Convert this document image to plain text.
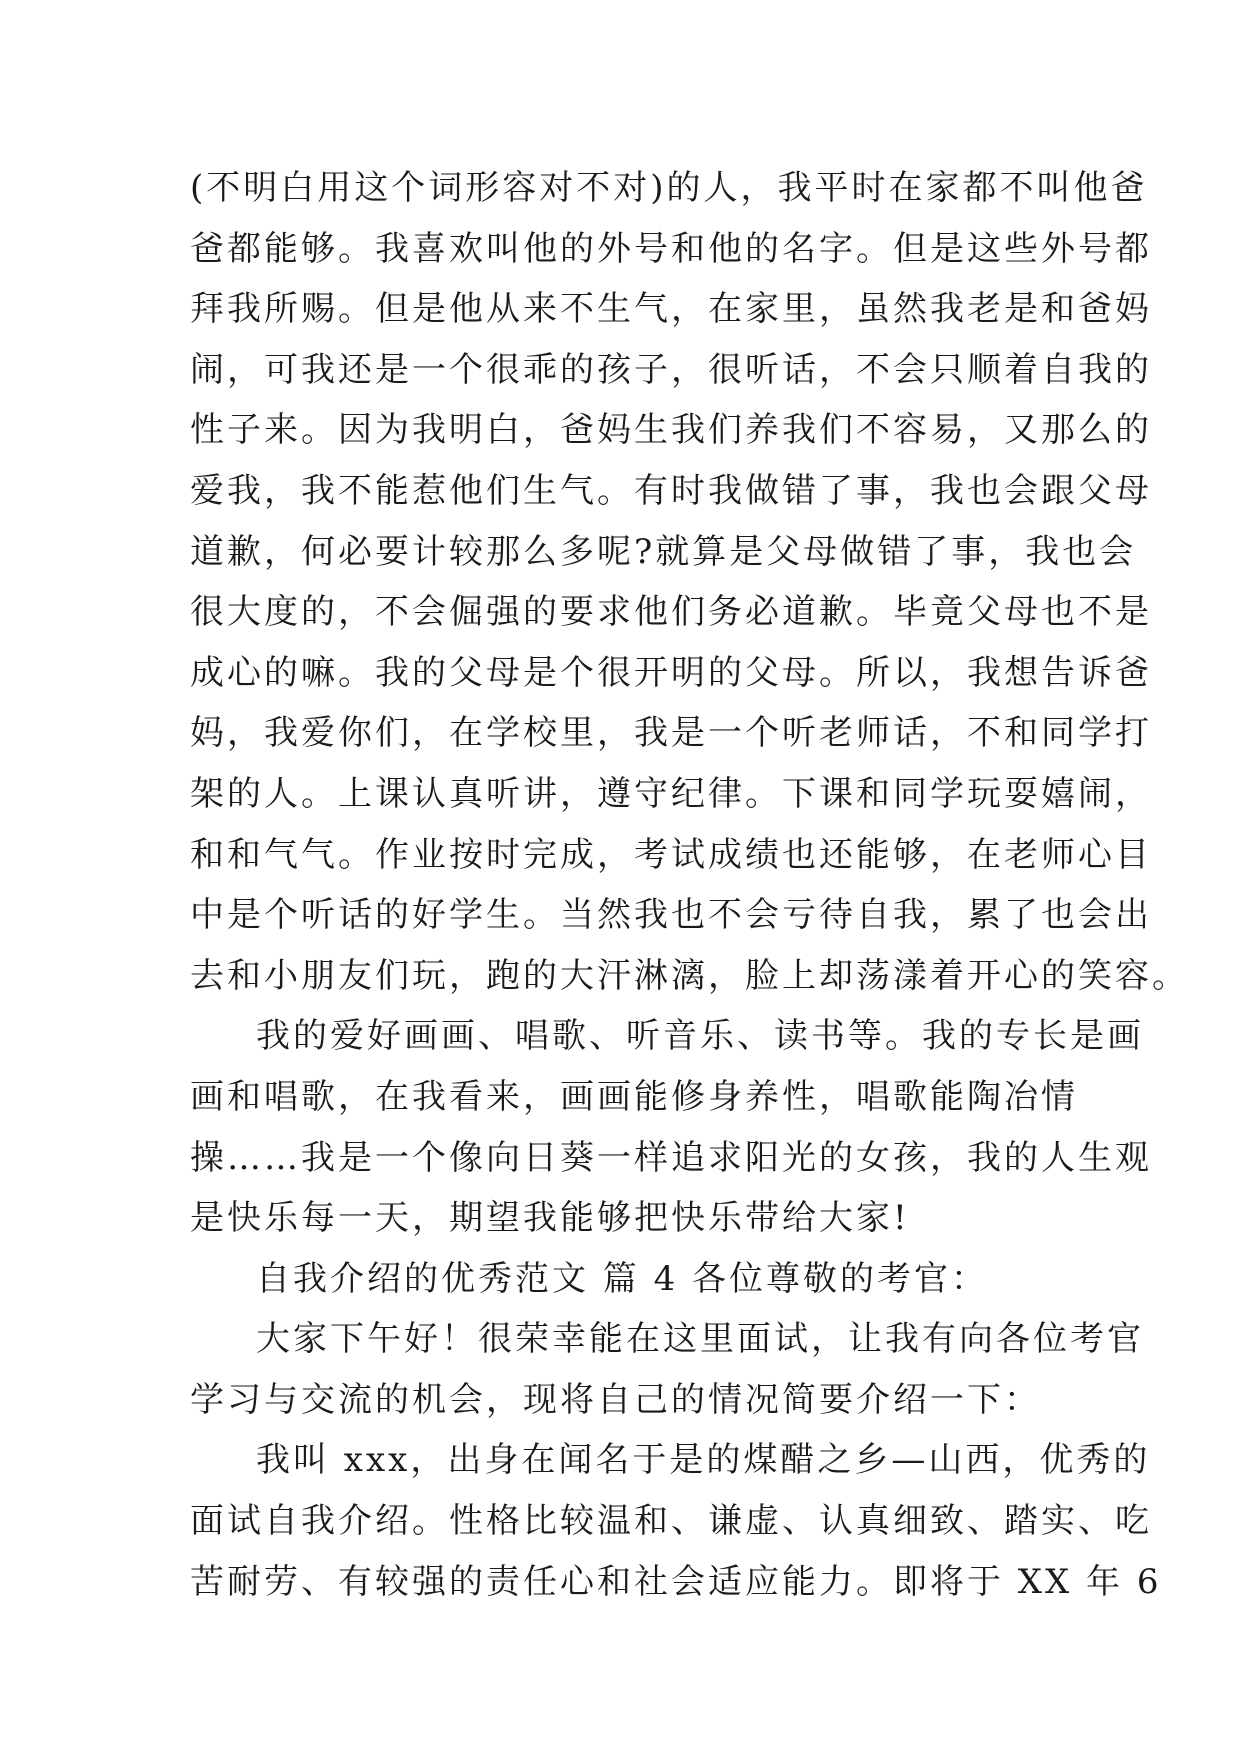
(不明白用这个词形容对不对)的人，我平时在家都不叫他爸
爸都能够。我喜欢叫他的外号和他的名字。但是这些外号都
拜我所赐。但是他从来不生气，在家里，虽然我老是和爸妈
闹，可我还是一个很乖的孩子，很听话，不会只顺着自我的
性子来。因为我明白，爸妈生我们养我们不容易，又那么的
爱我，我不能惹他们生气。有时我做错了事，我也会跟父母
道歉，何必要计较那么多呢?就算是父母做错了事，我也会
很大度的，不会倔强的要求他们务必道歉。毕竟父母也不是
成心的嘛。我的父母是个很开明的父母。所以，我想告诉爸
妈，我爱你们，在学校里，我是一个听老师话，不和同学打
架的人。上课认真听讲，遵守纪律。下课和同学玩耍嬉闹，
和和气气。作业按时完成，考试成绩也还能够，在老师心目
中是个听话的好学生。当然我也不会亏待自我，累了也会出
去和小朋友们玩，跑的大汗淋漓，脸上却荡漾着开心的笑容。
我的爱好画画、唱歌、听音乐、读书等。我的专长是画
画和唱歌，在我看来，画画能修身养性，唱歌能陶冶情
操……我是一个像向日葵一样追求阳光的女孩，我的人生观
是快乐每一天，期望我能够把快乐带给大家!
自我介绍的优秀范文 篇 4 各位尊敬的考官：
大家下午好！很荣幸能在这里面试，让我有向各位考官
学习与交流的机会，现将自己的情况简要介绍一下：
我叫 xxx，出身在闻名于是的煤醋之乡—山西，优秀的
面试自我介绍。性格比较温和、谦虚、认真细致、踏实、吃
苦耐劳、有较强的责任心和社会适应能力。即将于 XX 年 6
